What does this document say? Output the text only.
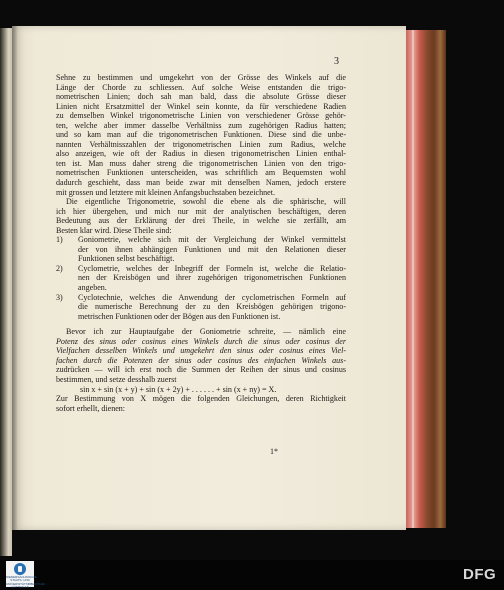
3
Sehne zu bestimmen und umgekehrt von der Grösse des Winkels auf die
Länge der Chorde zu schliessen. Auf solche Weise entstanden die trigo-
nometrischen Linien; doch sah man bald, dass die absolute Grösse dieser
Linien nicht Ersatzmittel der Winkel sein konnte, da für verschiedene Radien
zu demselben Winkel trigonometrische Linien von verschiedener Grösse gehör-
ten, welche aber immer dasselbe Verhältniss zum zugehörigen Radius hatten;
und so kam man auf die trigonometrischen Funktionen. Diese sind die unbe-
nannten Verhältnisszahlen der trigonometrischen Linien zum Radius, welche
also anzeigen, wie oft der Radius in diesen trigonometrischen Linien enthal-
ten ist. Man muss daher streng die trigonometrischen Linien von den trigo-
nometrischen Funktionen unterscheiden, was schriftlich am Bequemsten wohl
dadurch geschieht, dass man beide zwar mit denselben Namen, jedoch erstere
mit grossen und letztere mit kleinen Anfangsbuchstaben bezeichnet.
Die eigentliche Trigonometrie, sowohl die ebene als die sphärische, will
ich hier übergehen, und mich nur mit der analytischen beschäftigen, deren
Bedeutung aus der Erklärung der drei Theile, in welche sie zerfällt, am
Besten klar wird. Diese Theile sind:
1) Goniometrie, welche sich mit der Vergleichung der Winkel vermittelst
der von ihnen abhängigen Funktionen und mit den Relationen dieser
Funktionen selbst beschäftigt.
2) Cyclometrie, welches der Inbegriff der Formeln ist, welche die Relatio-
nen der Kreisbögen und ihrer zugehörigen trigonometrischen Funktionen
angeben.
3) Cyclotechnie, welches die Anwendung der cyclometrischen Formeln auf
die numerische Berechnung der zu den Kreisbögen gehörigen trigono-
metrischen Funktionen oder der Bögen aus den Funktionen ist.
Bevor ich zur Hauptaufgabe der Goniometrie schreite, — nämlich eine
Potenz des sinus oder cosinus eines Winkels durch die sinus oder cosinus der
Vielfachen desselben Winkels und umgekehrt den sinus oder cosinus eines Viel-
fachen durch die Potenzen der sinus oder cosinus des einfachen Winkels aus-
zudrücken — will ich erst noch die Summen der Reihen der sinus und cosinus
bestimmen, und setze desshalb zuerst
sin x + sin (x + y) + sin (x + 2y) + . . . . . . + sin (x + ny) = X.
Zur Bestimmung von X mögen die folgenden Gleichungen, deren Richtigkeit
sofort erhellt, dienen:
1*
NIEDERSÄCHSISCHE STAATS- UND UNIVERSITÄTSBIBLIOTHEK GÖTTINGEN
DFG
